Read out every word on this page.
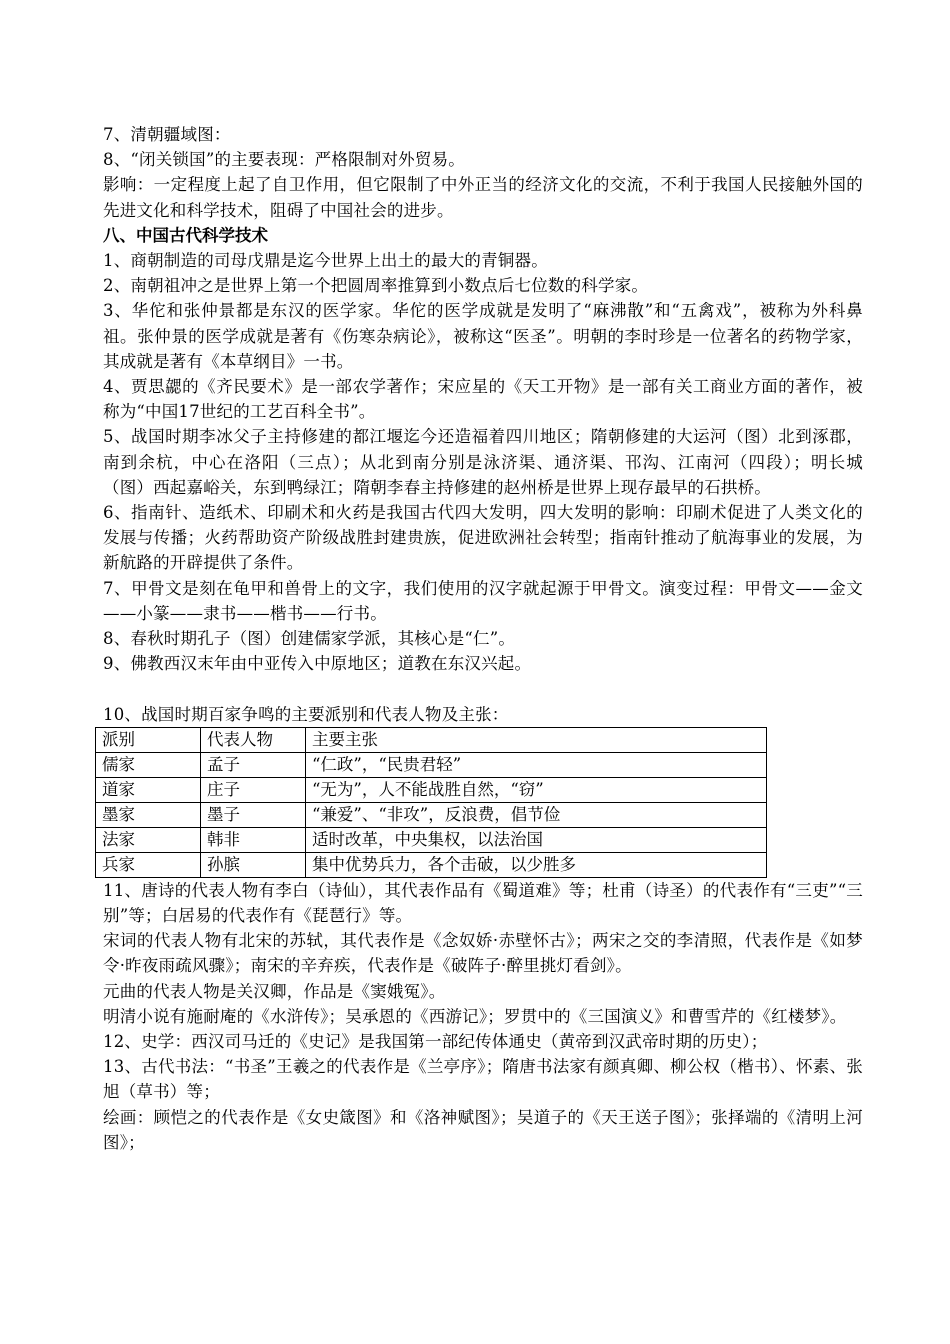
7、清朝疆域图：

8、“闭关锁国”的主要表现：严格限制对外贸易。

影响：一定程度上起了自卫作用，但它限制了中外正当的经济文化的交流，不利于我国人民接触外国的先进文化和科学技术，阻碍了中国社会的进步。

八、中国古代科学技术

1、商朝制造的司母戊鼎是迄今世界上出土的最大的青铜器。

2、南朝祖冲之是世界上第一个把圆周率推算到小数点后七位数的科学家。

3、华佗和张仲景都是东汉的医学家。华佗的医学成就是发明了“麻沸散”和“五禽戏”，被称为外科鼻祖。张仲景的医学成就是著有《伤寒杂病论》，被称这“医圣”。明朝的李时珍是一位著名的药物学家，其成就是著有《本草纲目》一书。

4、贾思勰的《齐民要术》是一部农学著作；宋应星的《天工开物》是一部有关工商业方面的著作，被称为“中国17世纪的工艺百科全书”。

5、战国时期李冰父子主持修建的都江堰迄今还造福着四川地区；隋朝修建的大运河（图）北到涿郡，南到余杭，中心在洛阳（三点）；从北到南分别是泳济渠、通济渠、邗沟、江南河（四段）；明长城（图）西起嘉峪关，东到鸭绿江；隋朝李春主持修建的赵州桥是世界上现存最早的石拱桥。

6、指南针、造纸术、印刷术和火药是我国古代四大发明，四大发明的影响：印刷术促进了人类文化的发展与传播；火药帮助资产阶级战胜封建贵族，促进欧洲社会转型；指南针推动了航海事业的发展，为新航路的开辟提供了条件。

7、甲骨文是刻在龟甲和兽骨上的文字，我们使用的汉字就起源于甲骨文。演变过程：甲骨文——金文——小篆——隶书——楷书——行书。

8、春秋时期孔子（图）创建儒家学派，其核心是“仁”。

9、佛教西汉末年由中亚传入中原地区；道教在东汉兴起。

10、战国时期百家争鸣的主要派别和代表人物及主张：

派别	代表人物	主要主张
儒家	孟子	“仁政”，“民贵君轻”
道家	庄子	“无为”，人不能战胜自然，“窃”
墨家	墨子	“兼爱”、“非攻”，反浪费，倡节俭
法家	韩非	适时改革，中央集权，以法治国
兵家	孙膑	集中优势兵力，各个击破，以少胜多

11、唐诗的代表人物有李白（诗仙），其代表作品有《蜀道难》等；杜甫（诗圣）的代表作有“三吏”“三别”等；白居易的代表作有《琵琶行》等。

宋词的代表人物有北宋的苏轼，其代表作是《念奴娇·赤壁怀古》；两宋之交的李清照，代表作是《如梦令·昨夜雨疏风骤》；南宋的辛弃疾，代表作是《破阵子·醉里挑灯看剑》。

元曲的代表人物是关汉卿，作品是《窦娥冤》。

明清小说有施耐庵的《水浒传》；吴承恩的《西游记》；罗贯中的《三国演义》和曹雪芹的《红楼梦》。

12、史学：西汉司马迁的《史记》是我国第一部纪传体通史（黄帝到汉武帝时期的历史）；

13、古代书法：“书圣”王羲之的代表作是《兰亭序》；隋唐书法家有颜真卿、柳公权（楷书）、怀素、张旭（草书）等；

绘画：顾恺之的代表作是《女史箴图》和《洛神赋图》；吴道子的《天王送子图》；张择端的《清明上河图》；
